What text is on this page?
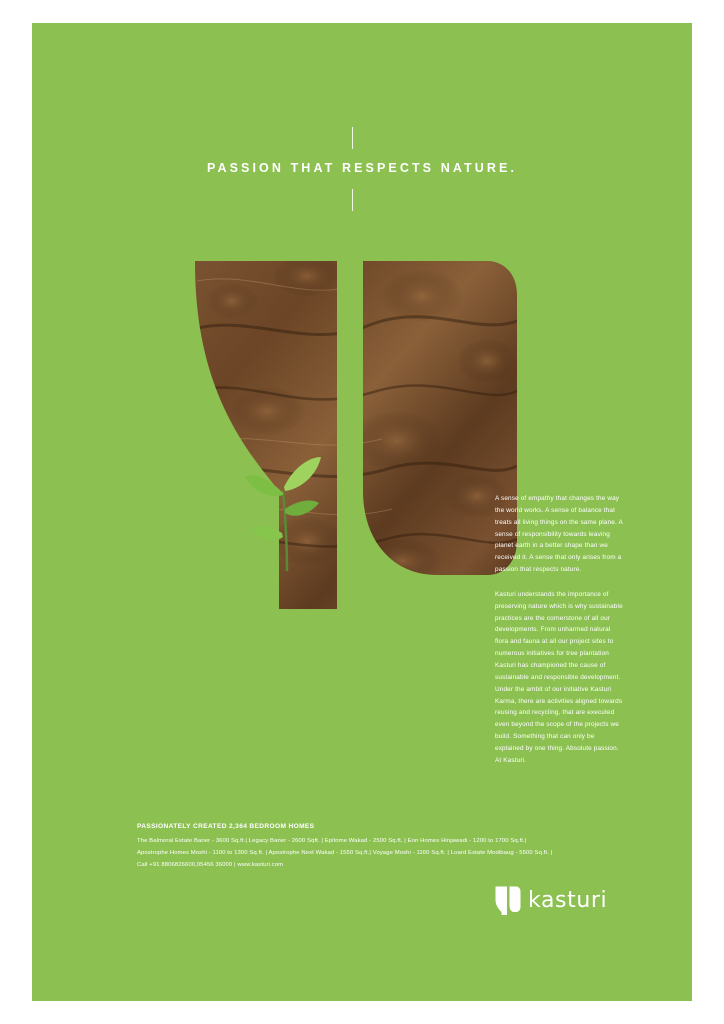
PASSION THAT RESPECTS NATURE.

A sense of empathy that changes the way the world works. A sense of balance that treats all living things on the same plane. A sense of responsibility towards leaving planet earth in a better shape than we received it. A sense that only arises from a passion that respects nature.

Kasturi understands the importance of preserving nature which is why sustainable practices are the cornerstone of all our developments. From unharmed natural flora and fauna at all our project sites to numerous initiatives for tree plantation Kasturi has championed the cause of sustainable and responsible development. Under the ambit of our initiative Kasturi Karma, there are activities aligned towards reusing and recycling, that are executed even beyond the scope of the projects we build. Something that can only be explained by one thing. Absolute passion. At Kasturi.

PASSIONATELY CREATED 2,364 BEDROOM HOMES
The Balmoral Estate Baner - 3600 Sq.ft.| Legacy Baner - 2600 Sqft. | Epitome Wakad - 2500 Sq.ft. | Eon Homes Hinjawadi - 1200 to 1700 Sq.ft.| Apostrophe Homes Moshi - 1100 to 1300 Sq.ft. | Apostrophe Next Wakad - 1550 Sq.ft.| Voyage Moshi - 1160 Sq.ft. | Loard Estate Modibaug - 5500 Sq.ft. | Call +91 8806826600,95456 36000 | www.kasturi.com
kasturi
